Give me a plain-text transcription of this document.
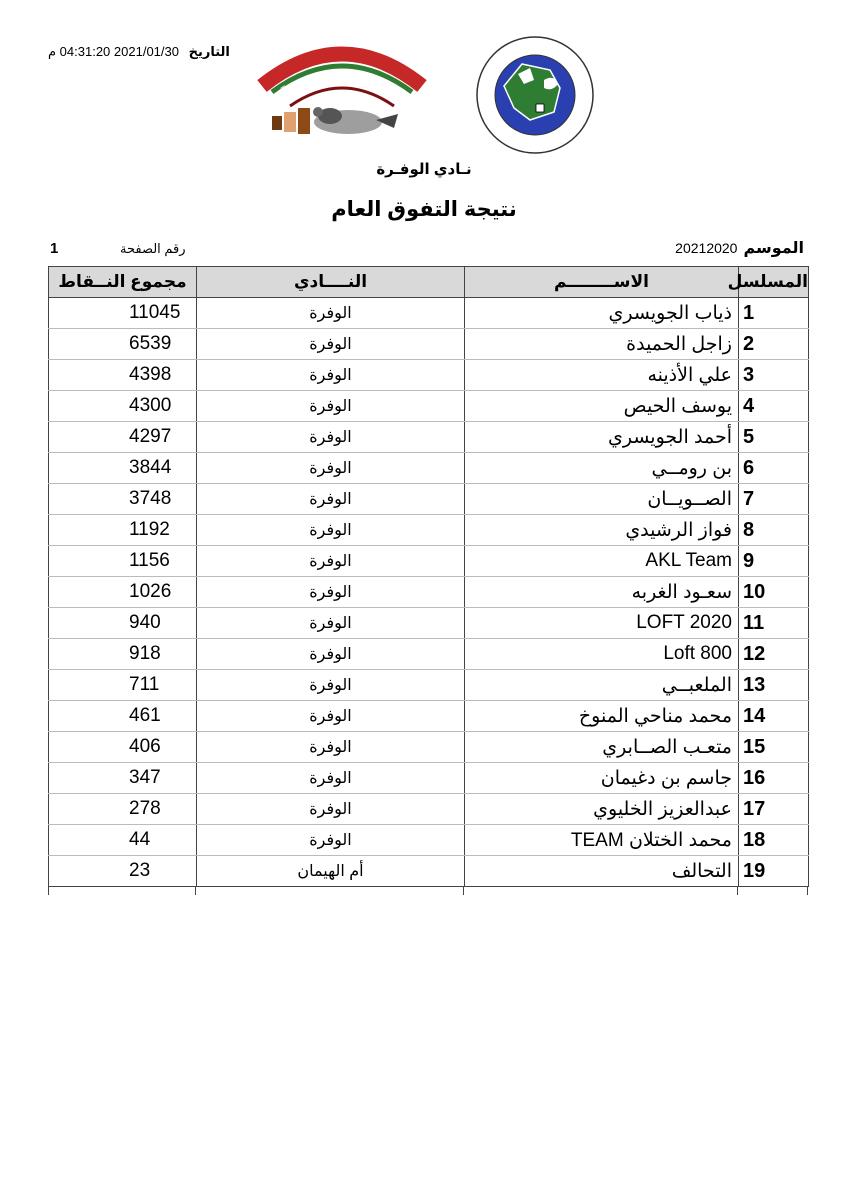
2021/01/30 04:31:20 م التاريخ
_
نـادي الوفـرة
نتيجة التفوق العام
الموسم20212020
1	رقم الصفحة
المسلسل	الاســــــــم	النــــادي	مجموع النــقاط
1	ذياب الجويسري	الوفرة	11045
2	زاجل الحميدة	الوفرة	6539
3	علي الأذينه	الوفرة	4398
4	يوسف الحيص	الوفرة	4300
5	أحمد الجويسري	الوفرة	4297
6	بن رومــي	الوفرة	3844
7	الصــويــان	الوفرة	3748
8	فواز الرشيدي	الوفرة	1192
9	AKL Team	الوفرة	1156
10	سعـود الغربه	الوفرة	1026
11	LOFT 2020	الوفرة	940
12	Loft 800	الوفرة	918
13	الملعبــي	الوفرة	711
14	محمد مناحي المنوخ	الوفرة	461
15	متعـب الصــابري	الوفرة	406
16	جاسم بن دغيمان	الوفرة	347
17	عبدالعزيز الخليوي	الوفرة	278
18	محمد الختلان TEAM	الوفرة	44
19	التحالف	أم الهيمان	23
